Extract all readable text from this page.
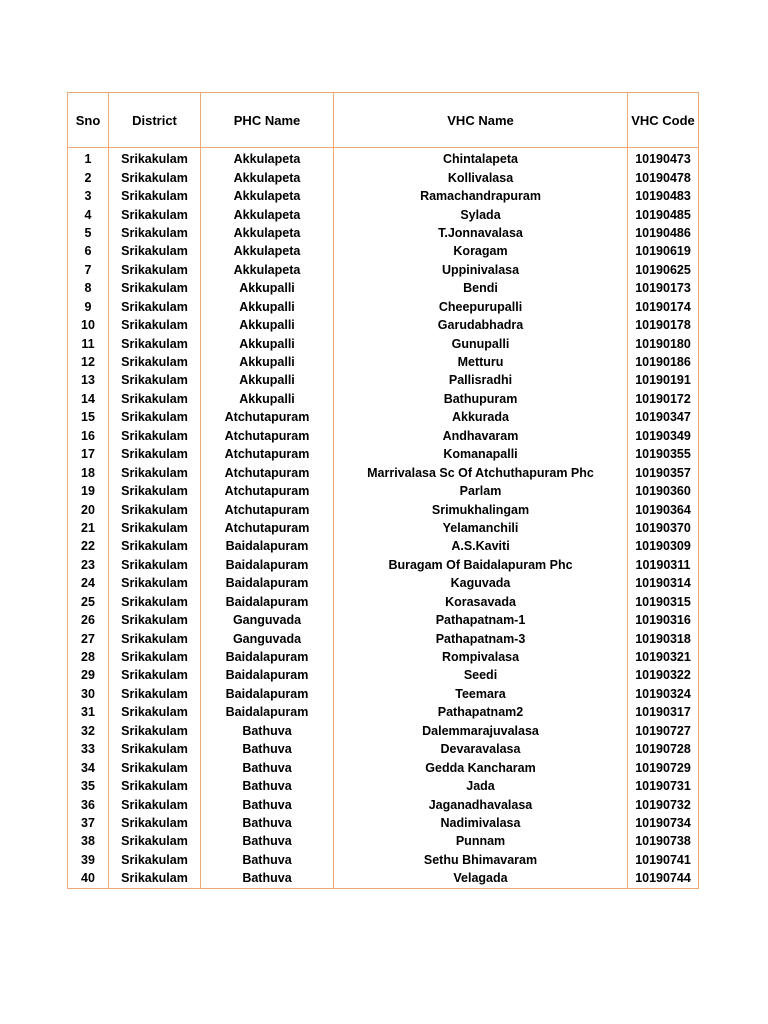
Sno	District	PHC Name	VHC Name	VHC Code

1	Srikakulam	Akkulapeta	Chintalapeta	10190473
2	Srikakulam	Akkulapeta	Kollivalasa	10190478
3	Srikakulam	Akkulapeta	Ramachandrapuram	10190483
4	Srikakulam	Akkulapeta	Sylada	10190485
5	Srikakulam	Akkulapeta	T.Jonnavalasa	10190486
6	Srikakulam	Akkulapeta	Koragam	10190619
7	Srikakulam	Akkulapeta	Uppinivalasa	10190625
8	Srikakulam	Akkupalli	Bendi	10190173
9	Srikakulam	Akkupalli	Cheepurupalli	10190174
10	Srikakulam	Akkupalli	Garudabhadra	10190178
11	Srikakulam	Akkupalli	Gunupalli	10190180
12	Srikakulam	Akkupalli	Metturu	10190186
13	Srikakulam	Akkupalli	Pallisradhi	10190191
14	Srikakulam	Akkupalli	Bathupuram	10190172
15	Srikakulam	Atchutapuram	Akkurada	10190347
16	Srikakulam	Atchutapuram	Andhavaram	10190349
17	Srikakulam	Atchutapuram	Komanapalli	10190355
18	Srikakulam	Atchutapuram	Marrivalasa Sc Of Atchuthapuram Phc	10190357
19	Srikakulam	Atchutapuram	Parlam	10190360
20	Srikakulam	Atchutapuram	Srimukhalingam	10190364
21	Srikakulam	Atchutapuram	Yelamanchili	10190370
22	Srikakulam	Baidalapuram	A.S.Kaviti	10190309
23	Srikakulam	Baidalapuram	Buragam Of Baidalapuram Phc	10190311
24	Srikakulam	Baidalapuram	Kaguvada	10190314
25	Srikakulam	Baidalapuram	Korasavada	10190315
26	Srikakulam	Ganguvada	Pathapatnam-1	10190316
27	Srikakulam	Ganguvada	Pathapatnam-3	10190318
28	Srikakulam	Baidalapuram	Rompivalasa	10190321
29	Srikakulam	Baidalapuram	Seedi	10190322
30	Srikakulam	Baidalapuram	Teemara	10190324
31	Srikakulam	Baidalapuram	Pathapatnam2	10190317
32	Srikakulam	Bathuva	Dalemmarajuvalasa	10190727
33	Srikakulam	Bathuva	Devaravalasa	10190728
34	Srikakulam	Bathuva	Gedda Kancharam	10190729
35	Srikakulam	Bathuva	Jada	10190731
36	Srikakulam	Bathuva	Jaganadhavalasa	10190732
37	Srikakulam	Bathuva	Nadimivalasa	10190734
38	Srikakulam	Bathuva	Punnam	10190738
39	Srikakulam	Bathuva	Sethu Bhimavaram	10190741
40	Srikakulam	Bathuva	Velagada	10190744
